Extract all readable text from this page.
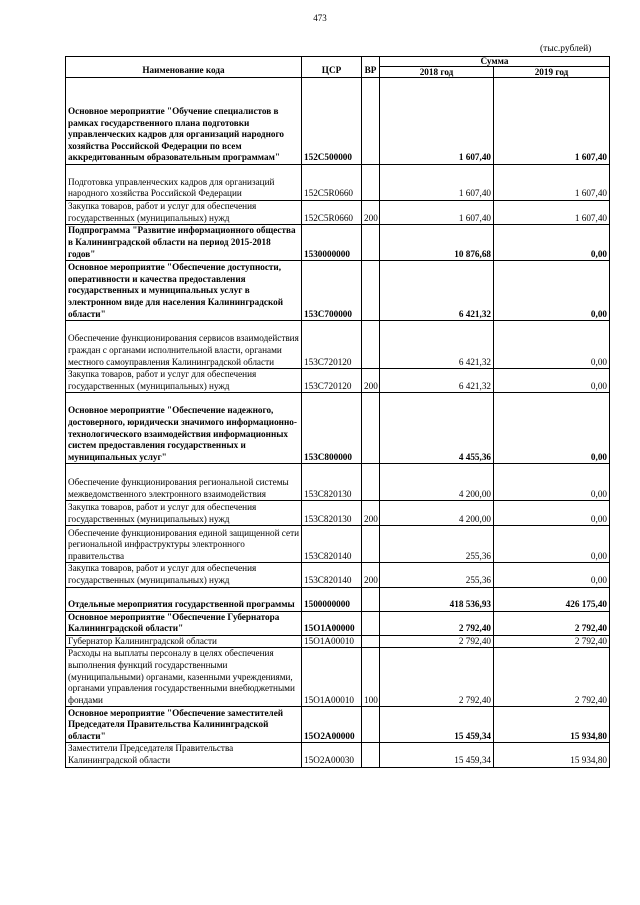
473
(тыс.рублей)
Наименование кода	ЦСР	ВР	Сумма	
			2018 год	2019 год
Основное мероприятие "Обучение специалистов в рамках государственного плана подготовки управленческих кадров для организаций народного хозяйства Российской Федерации по всем аккредитованным образовательным программам"	152С500000		1 607,40	1 607,40
Подготовка управленческих кадров для организаций народного хозяйства Российской Федерации	152С5R0660		1 607,40	1 607,40
Закупка товаров, работ и услуг для обеспечения государственных (муниципальных) нужд	152С5R0660	200	1 607,40	1 607,40
Подпрограмма "Развитие информационного общества в Калининградской области на период 2015-2018 годов"	1530000000		10 876,68	0,00
Основное мероприятие "Обеспечение доступности, оперативности и качества предоставления государственных и муниципальных услуг в электронном виде для населения Калининградской области"	153С700000		6 421,32	0,00
Обеспечение функционирования сервисов взаимодействия граждан с органами исполнительной власти, органами местного самоуправления Калининградской области	153С720120		6 421,32	0,00
Закупка товаров, работ и услуг для обеспечения государственных (муниципальных) нужд	153С720120	200	6 421,32	0,00
Основное мероприятие "Обеспечение надежного, достоверного, юридически значимого информационно-технологического взаимодействия информационных систем предоставления государственных и муниципальных услуг"	153С800000		4 455,36	0,00
Обеспечение функционирования региональной системы межведомственного электронного взаимодействия	153С820130		4 200,00	0,00
Закупка товаров, работ и услуг для обеспечения государственных (муниципальных) нужд	153С820130	200	4 200,00	0,00
Обеспечение функционирования единой защищенной сети региональной инфраструктуры электронного правительства	153С820140		255,36	0,00
Закупка товаров, работ и услуг для обеспечения государственных (муниципальных) нужд	153С820140	200	255,36	0,00
Отдельные мероприятия государственной программы	1500000000		418 536,93	426 175,40
Основное мероприятие "Обеспечение Губернатора Калининградской области"	15О1А00000		2 792,40	2 792,40
Губернатор Калининградской области	15О1А00010		2 792,40	2 792,40
Расходы на выплаты персоналу в целях обеспечения выполнения функций государственными (муниципальными) органами, казенными учреждениями, органами управления государственными внебюджетными фондами	15О1А00010	100	2 792,40	2 792,40
Основное мероприятие "Обеспечение заместителей Председателя Правительства Калининградской области"	15О2А00000		15 459,34	15 934,80
Заместители Председателя Правительства Калининградской области	15О2А00030		15 459,34	15 934,80
